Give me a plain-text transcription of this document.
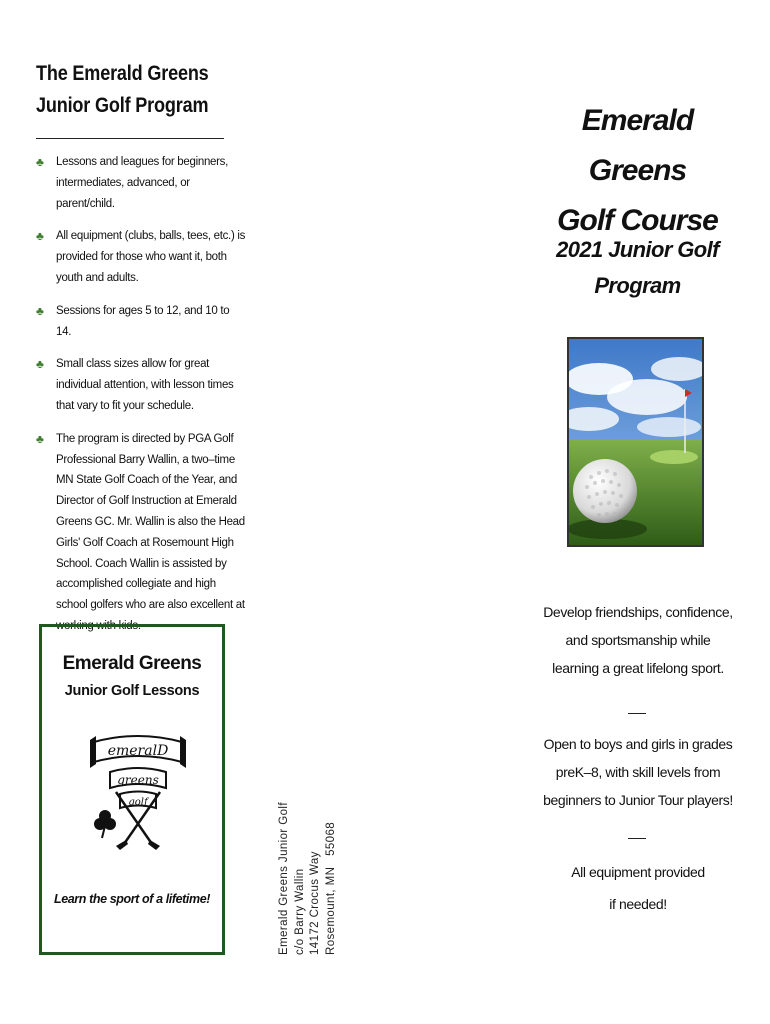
The Emerald Greens
Junior Golf Program
♣ Lessons and leagues for beginners, intermediates, advanced, or parent/child.
♣ All equipment (clubs, balls, tees, etc.) is provided for those who want it, both youth and adults.
♣ Sessions for ages 5 to 12, and 10 to 14.
♣ Small class sizes allow for great individual attention, with lesson times that vary to fit your schedule.
♣ The program is directed by PGA Golf Professional Barry Wallin, a two–time MN State Golf Coach of the Year, and Director of Golf Instruction at Emerald Greens GC. Mr. Wallin is also the Head Girls' Golf Coach at Rosemount High School. Coach Wallin is assisted by accomplished collegiate and high school golfers who are also excellent at working with kids.
Emerald Greens
Junior Golf Lessons
emeralD
greens
golf
Learn the sport of a lifetime!	Emerald Greens Junior Golf c/o Barry Wallin 14172 Crocus Way Rosemount, MN   55068
Emerald Greens
Golf Course
2021 Junior Golf
Program
Develop friendships, confidence, and sportsmanship while learning a great lifelong sport.
Open to boys and girls in grades preK–8, with skill levels from beginners to Junior Tour players!
All equipment provided
if needed!
